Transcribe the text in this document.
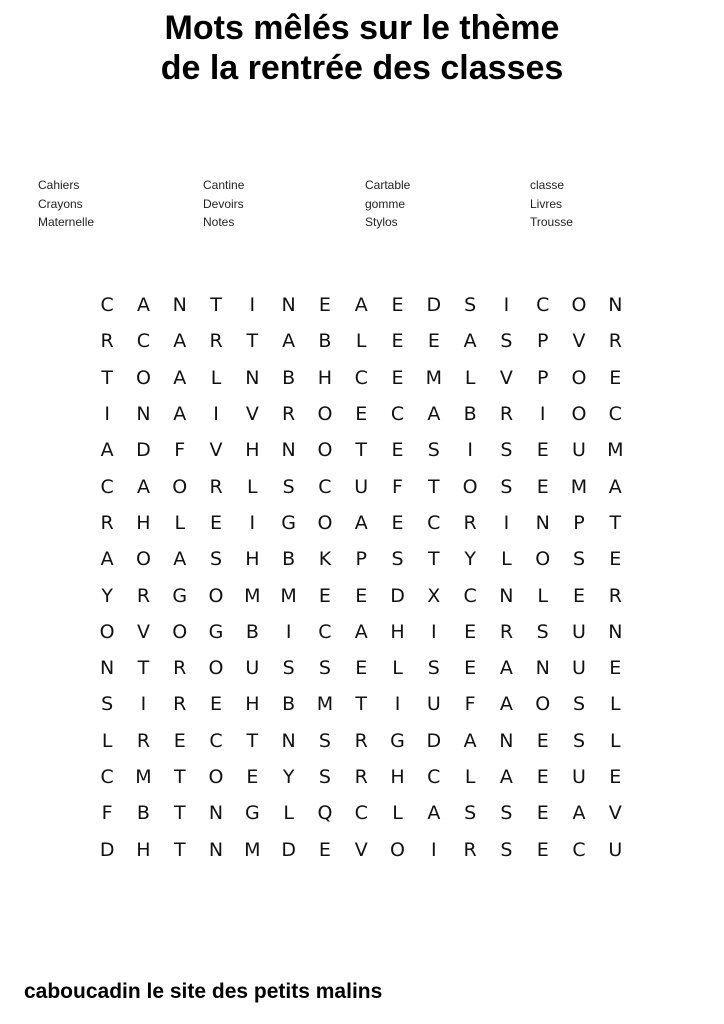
Mots mêlés sur le thème
de la rentrée des classes
Cahiers
Crayons
Maternelle
Cantine
Devoirs
Notes
Cartable
gomme
Stylos
classe
Livres
Trousse
C	A	N	T	I	N	E	A	E	D	S	I	C	O	N
R	C	A	R	T	A	B	L	E	E	A	S	P	V	R
T	O	A	L	N	B	H	C	E	M	L	V	P	O	E
I	N	A	I	V	R	O	E	C	A	B	R	I	O	C
A	D	F	V	H	N	O	T	E	S	I	S	E	U	M
C	A	O	R	L	S	C	U	F	T	O	S	E	M	A
R	H	L	E	I	G	O	A	E	C	R	I	N	P	T
A	O	A	S	H	B	K	P	S	T	Y	L	O	S	E
Y	R	G	O	M	M	E	E	D	X	C	N	L	E	R
O	V	O	G	B	I	C	A	H	I	E	R	S	U	N
N	T	R	O	U	S	S	E	L	S	E	A	N	U	E
S	I	R	E	H	B	M	T	I	U	F	A	O	S	L
L	R	E	C	T	N	S	R	G	D	A	N	E	S	L
C	M	T	O	E	Y	S	R	H	C	L	A	E	U	E
F	B	T	N	G	L	Q	C	L	A	S	S	E	A	V
D	H	T	N	M	D	E	V	O	I	R	S	E	C	U
caboucadin le site des petits malins
